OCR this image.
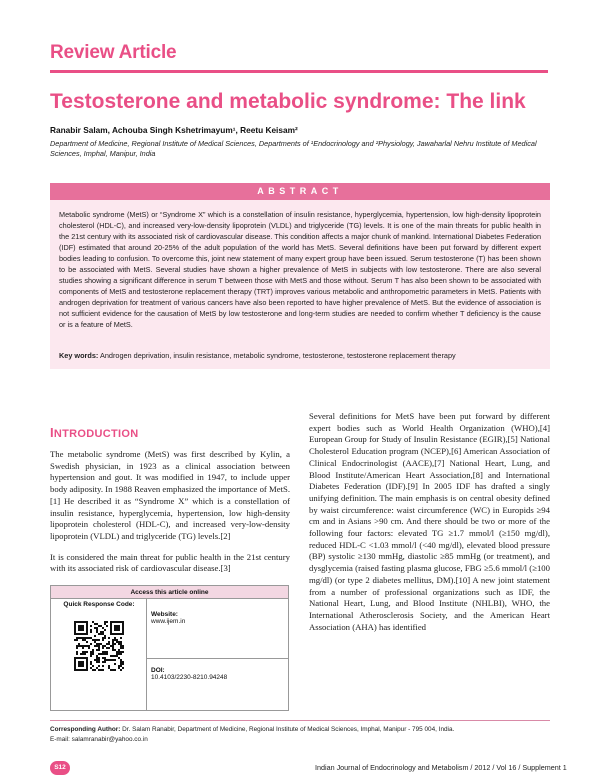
Review Article
Testosterone and metabolic syndrome: The link
Ranabir Salam, Achouba Singh Kshetrimayum¹, Reetu Keisam²
Department of Medicine, Regional Institute of Medical Sciences, Departments of ¹Endocrinology and ²Physiology, Jawaharlal Nehru Institute of Medical Sciences, Imphal, Manipur, India
ABSTRACT
Metabolic syndrome (MetS) or “Syndrome X” which is a constellation of insulin resistance, hyperglycemia, hypertension, low high-density lipoprotein cholesterol (HDL-C), and increased very-low-density lipoprotein (VLDL) and triglyceride (TG) levels. It is one of the main threats for public health in the 21st century with its associated risk of cardiovascular disease. This condition affects a major chunk of mankind. International Diabetes Federation (IDF) estimated that around 20-25% of the adult population of the world has MetS. Several definitions have been put forward by different expert bodies leading to confusion. To overcome this, joint new statement of many expert group have been issued. Serum testosterone (T) has been shown to be associated with MetS. Several studies have shown a higher prevalence of MetS in subjects with low testosterone. There are also several studies showing a significant difference in serum T between those with MetS and those without. Serum T has also been shown to be associated with components of MetS and testosterone replacement therapy (TRT) improves various metabolic and anthropometric parameters in MetS. Patients with androgen deprivation for treatment of various cancers have also been reported to have higher prevalence of MetS. But the evidence of association is not sufficient evidence for the causation of MetS by low testosterone and long-term studies are needed to confirm whether T deficiency is the cause or is a feature of MetS.
Key words: Androgen deprivation, insulin resistance, metabolic syndrome, testosterone, testosterone replacement therapy
INTRODUCTION

The metabolic syndrome (MetS) was first described by Kylin, a Swedish physician, in 1923 as a clinical association between hypertension and gout. It was modified in 1947, to include upper body adiposity. In 1988 Reaven emphasized the importance of MetS.[1] He described it as “Syndrome X” which is a constellation of insulin resistance, hyperglycemia, hypertension, low high-density lipoprotein cholesterol (HDL-C), and increased very-low-density lipoprotein (VLDL) and triglyceride (TG) levels.[2]

It is considered the main threat for public health in the 21st century with its associated risk of cardiovascular disease.[3]

Several definitions for MetS have been put forward by different expert bodies such as World Health Organization (WHO),[4] European Group for Study of Insulin Resistance (EGIR),[5] National Cholesterol Education program (NCEP),[6] American Association of Clinical Endocrinologist (AACE),[7] National Heart, Lung, and Blood Institute/American Heart Association,[8] and International Diabetes Federation (IDF).[9] In 2005 IDF has drafted a singly unifying definition. The main emphasis is on central obesity defined by waist circumference: waist circumference (WC) in Europids ≥94 cm and in Asians >90 cm. And there should be two or more of the following four factors: elevated TG ≥1.7 mmol/l (≥150 mg/dl), reduced HDL-C <1.03 mmol/l (<40 mg/dl), elevated blood pressure (BP) systolic ≥130 mmHg, diastolic ≥85 mmHg (or treatment), and dysglycemia (raised fasting plasma glucose, FBG ≥5.6 mmol/l (≥100 mg/dl) (or type 2 diabetes mellitus, DM).[10] A new joint statement from a number of professional organizations such as IDF, the National Heart, Lung, and Blood Institute (NHLBI), WHO, the International Atherosclerosis Society, and the American Heart Association (AHA) has identified

Access this article online
Quick Response Code:
Website:
www.ijem.in
DOI:
10.4103/2230-8210.94248
Corresponding Author: Dr. Salam Ranabir, Department of Medicine, Regional Institute of Medical Sciences, Imphal, Manipur - 795 004, India.
E-mail: salamranabir@yahoo.co.in
S12	Indian Journal of Endocrinology and Metabolism / 2012 / Vol 16 / Supplement 1
